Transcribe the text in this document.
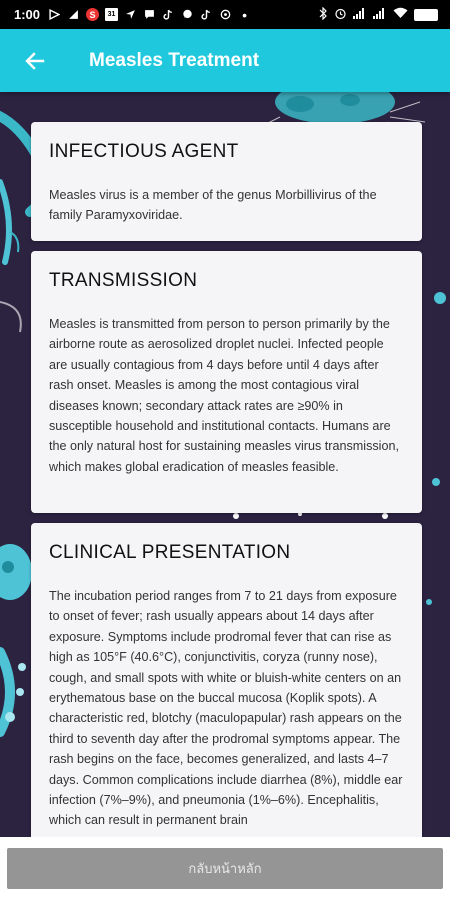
1:00	S	31	•
Measles Treatment
INFECTIOUS AGENT

Measles virus is a member of the genus Morbillivirus of the family Paramyxoviridae.

TRANSMISSION

Measles is transmitted from person to person primarily by the airborne route as aerosolized droplet nuclei. Infected people are usually contagious from 4 days before until 4 days after rash onset. Measles is among the most contagious viral diseases known; secondary attack rates are ≥90% in susceptible household and institutional contacts. Humans are the only natural host for sustaining measles virus transmission, which makes global eradication of measles feasible.

CLINICAL PRESENTATION

The incubation period ranges from 7 to 21 days from exposure to onset of fever; rash usually appears about 14 days after exposure. Symptoms include prodromal fever that can rise as high as 105°F (40.6°C), conjunctivitis, coryza (runny nose), cough, and small spots with white or bluish-white centers on an erythematous base on the buccal mucosa (Koplik spots). A characteristic red, blotchy (maculopapular) rash appears on the third to seventh day after the prodromal symptoms appear. The rash begins on the face, becomes generalized, and lasts 4–7 days. Common complications include diarrhea (8%), middle ear infection (7%–9%), and pneumonia (1%–6%). Encephalitis, which can result in permanent brain

กลับหน้าหลัก
